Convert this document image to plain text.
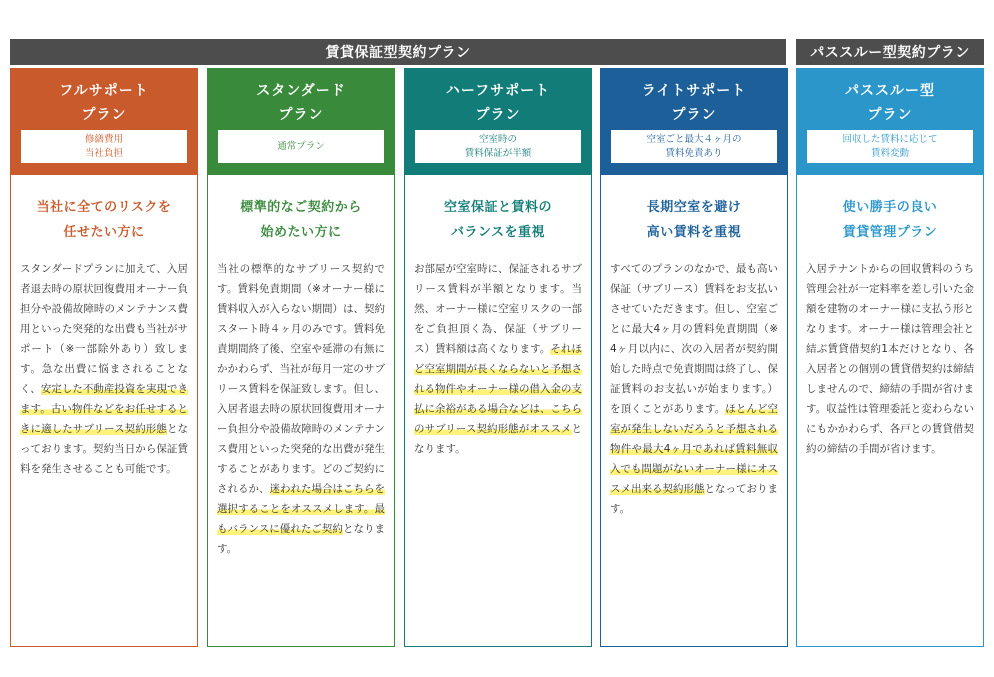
賃貸保証型契約プラン	パススルー型契約プラン
フルサポート
プラン
修繕費用
当社負担
当社に全てのリスクを
任せたい方に
スタンダードプランに加えて、入居者退去時の原状回復費用オーナー負担分や設備故障時のメンテナンス費用といった突発的な出費も当社がサポート（※一部除外あり）致します。急な出費に悩まされることなく、安定した不動産投資を実現できます。古い物件などをお任せするときに適したサブリース契約形態となっております。契約当日から保証賃料を発生させることも可能です。
スタンダード
プラン
通常プラン
標準的なご契約から
始めたい方に
当社の標準的なサブリース契約です。賃料免責期間（※オーナー様に賃料収入が入らない期間）は、契約スタート時４ヶ月のみです。賃料免責期間終了後、空室や延滞の有無にかかわらず、当社が毎月一定のサブリース賃料を保証致します。但し、入居者退去時の原状回復費用オーナー負担分や設備故障時のメンテナンス費用といった突発的な出費が発生することがあります。どのご契約にされるか、迷われた場合はこちらを選択することをオススメします。最もバランスに優れたご契約となります。
ハーフサポート
プラン
空室時の
賃料保証が半額
空室保証と賃料の
バランスを重視
お部屋が空室時に、保証されるサブリース賃料が半額となります。当然、オーナー様に空室リスクの一部をご負担頂く為、保証（サブリース）賃料額は高くなります。それほど空室期間が長くならないと予想される物件やオーナー様の借入金の支払に余裕がある場合などは、こちらのサブリース契約形態がオススメとなります。
ライトサポート
プラン
空室ごと最大４ヶ月の
賃料免責あり
長期空室を避け
高い賃料を重視
すべてのプランのなかで、最も高い保証（サブリース）賃料をお支払いさせていただきます。但し、空室ごとに最大4ヶ月の賃料免責期間（※4ヶ月以内に、次の入居者が契約開始した時点で免責期間は終了し、保証賃料のお支払いが始まります。）を頂くことがあります。ほとんど空室が発生しないだろうと予想される物件や最大4ヶ月であれば賃料無収入でも問題がないオーナー様にオススメ出来る契約形態となっております。
パススルー型
プラン
回収した賃料に応じて
賃料変動
使い勝手の良い
賃貸管理プラン
入居テナントからの回収賃料のうち管理会社が一定料率を差し引いた金額を建物のオーナー様に支払う形となります。オーナー様は管理会社と結ぶ賃貸借契約1本だけとなり、各入居者との個別の賃貸借契約は締結しませんので、締結の手間が省けます。収益性は管理委託と変わらないにもかかわらず、各戸との賃貸借契約の締結の手間が省けます。
